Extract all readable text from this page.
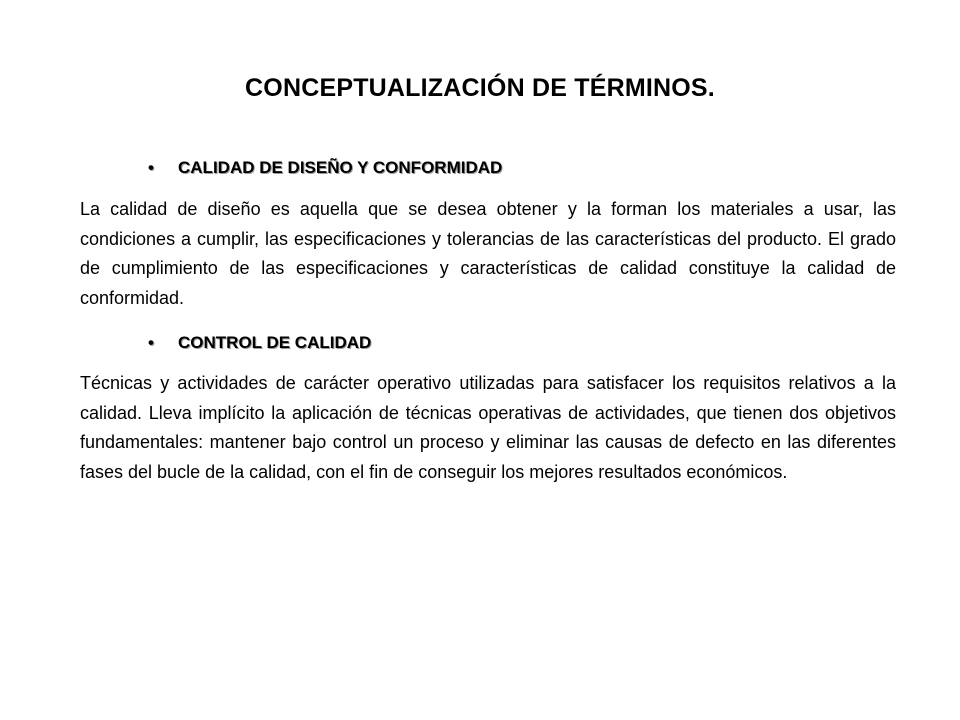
CONCEPTUALIZACIÓN DE TÉRMINOS.
• CALIDAD DE DISEÑO Y CONFORMIDAD

La calidad de diseño es aquella que se desea obtener y la forman los materiales a usar, las condiciones a cumplir, las especificaciones y tolerancias de las características del producto. El grado de cumplimiento de las especificaciones y características de calidad constituye la calidad de conformidad.

• CONTROL DE CALIDAD

Técnicas y actividades de carácter operativo utilizadas para satisfacer los requisitos relativos a la calidad. Lleva implícito la aplicación de técnicas operativas de actividades, que tienen dos objetivos fundamentales: mantener bajo control un proceso y eliminar las causas de defecto en las diferentes fases del bucle de la calidad, con el fin de conseguir los mejores resultados económicos.
